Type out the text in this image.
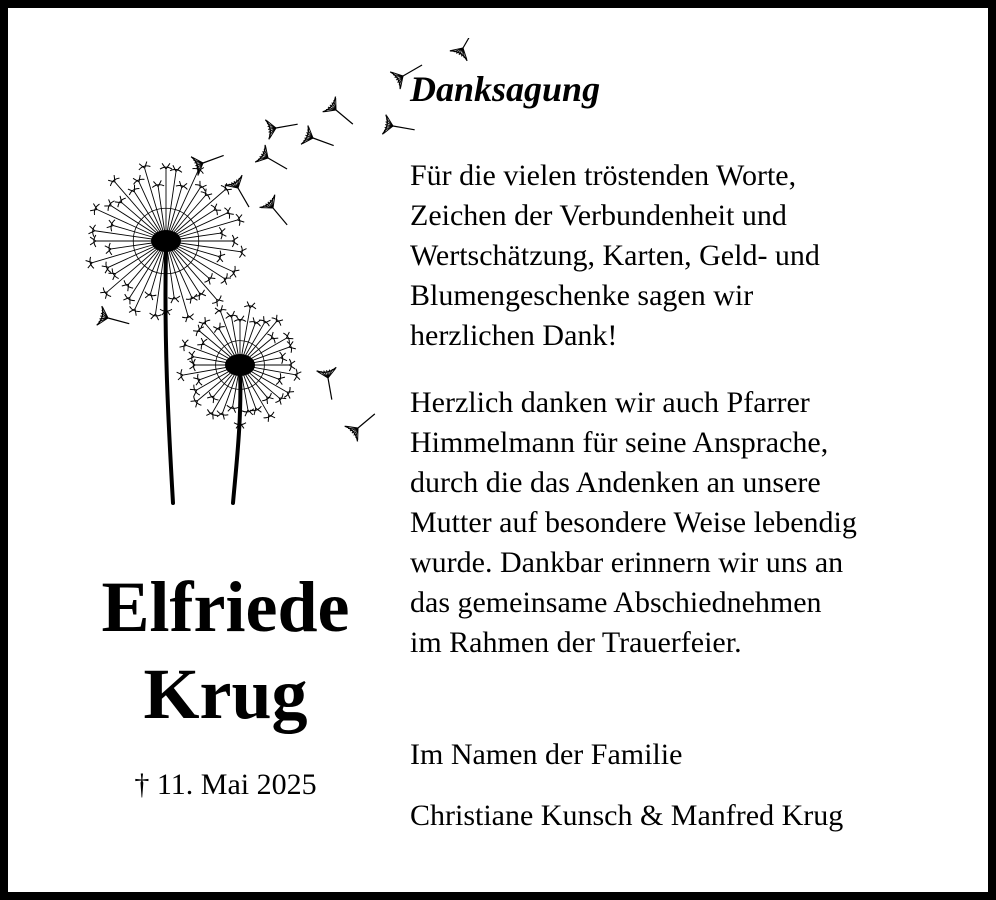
Danksagung

Für die vielen tröstenden Worte,
Zeichen der Verbundenheit und
Wertschätzung, Karten, Geld- und
Blumengeschenke sagen wir
herzlichen Dank!

Herzlich danken wir auch Pfarrer
Himmelmann für seine Ansprache,
durch die das Andenken an unsere
Mutter auf besondere Weise lebendig
wurde. Dankbar erinnern wir uns an
das gemeinsame Abschiednehmen
im Rahmen der Trauerfeier.

Im Namen der Familie
Christiane Kunsch & Manfred Krug
Elfriede
Krug
† 11. Mai 2025
